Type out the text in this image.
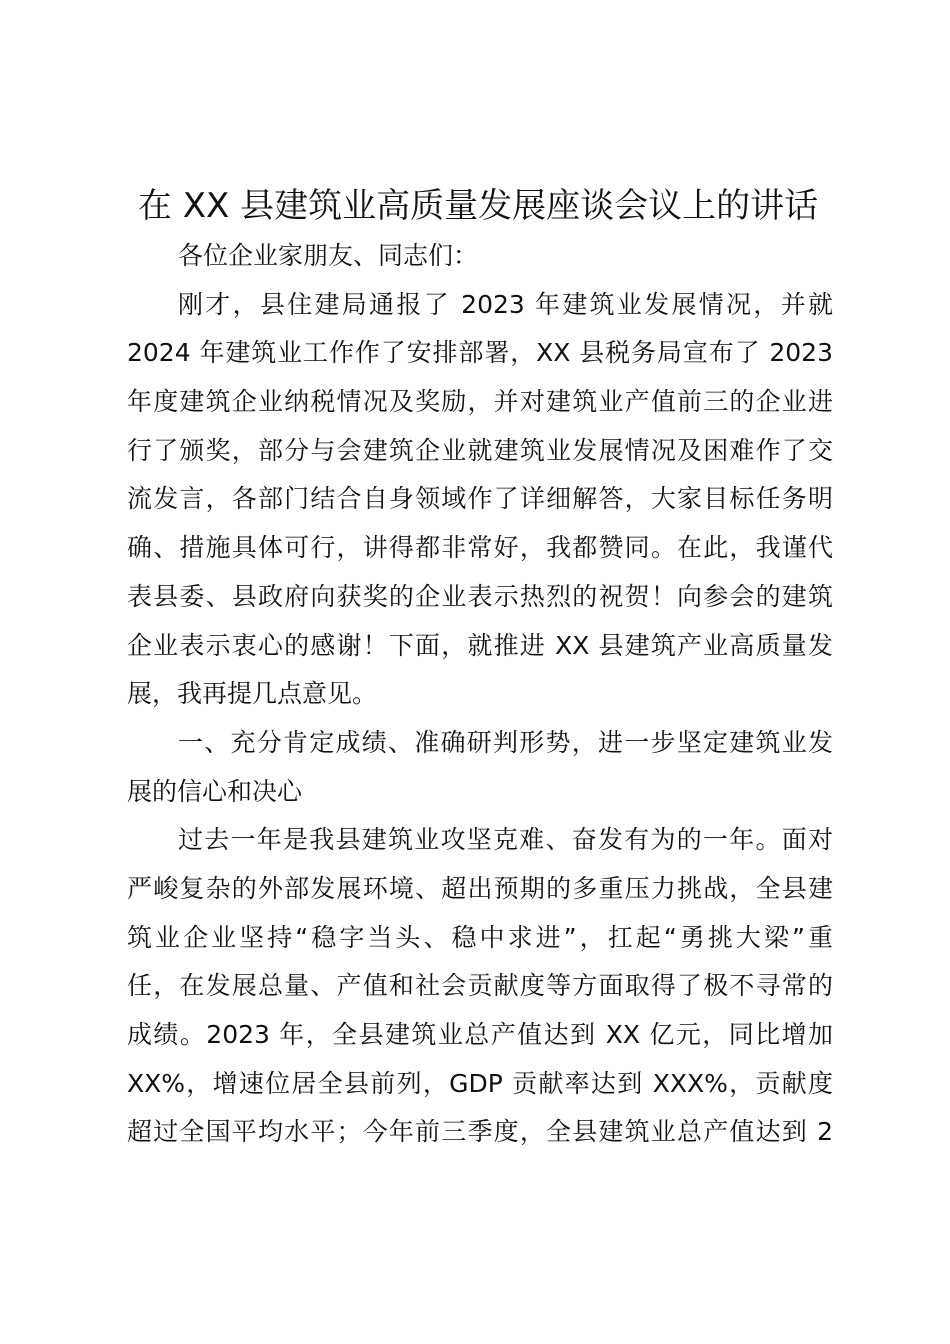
在 XX 县建筑业高质量发展座谈会议上的讲话
各位企业家朋友、同志们：
刚才，县住建局通报了 2023 年建筑业发展情况，并就
2024 年建筑业工作作了安排部署，XX 县税务局宣布了 2023
年度建筑企业纳税情况及奖励，并对建筑业产值前三的企业进
行了颁奖，部分与会建筑企业就建筑业发展情况及困难作了交
流发言，各部门结合自身领域作了详细解答，大家目标任务明
确、措施具体可行，讲得都非常好，我都赞同。在此，我谨代
表县委、县政府向获奖的企业表示热烈的祝贺！向参会的建筑
企业表示衷心的感谢！下面，就推进 XX 县建筑产业高质量发
展，我再提几点意见。
一、充分肯定成绩、准确研判形势，进一步坚定建筑业发
展的信心和决心
过去一年是我县建筑业攻坚克难、奋发有为的一年。面对
严峻复杂的外部发展环境、超出预期的多重压力挑战，全县建
筑业企业坚持“稳字当头、稳中求进”，扛起“勇挑大梁”重
任，在发展总量、产值和社会贡献度等方面取得了极不寻常的
成绩。2023 年，全县建筑业总产值达到 XX 亿元，同比增加
XX%，增速位居全县前列，GDP 贡献率达到 XXX%，贡献度
超过全国平均水平；今年前三季度，全县建筑业总产值达到 2
